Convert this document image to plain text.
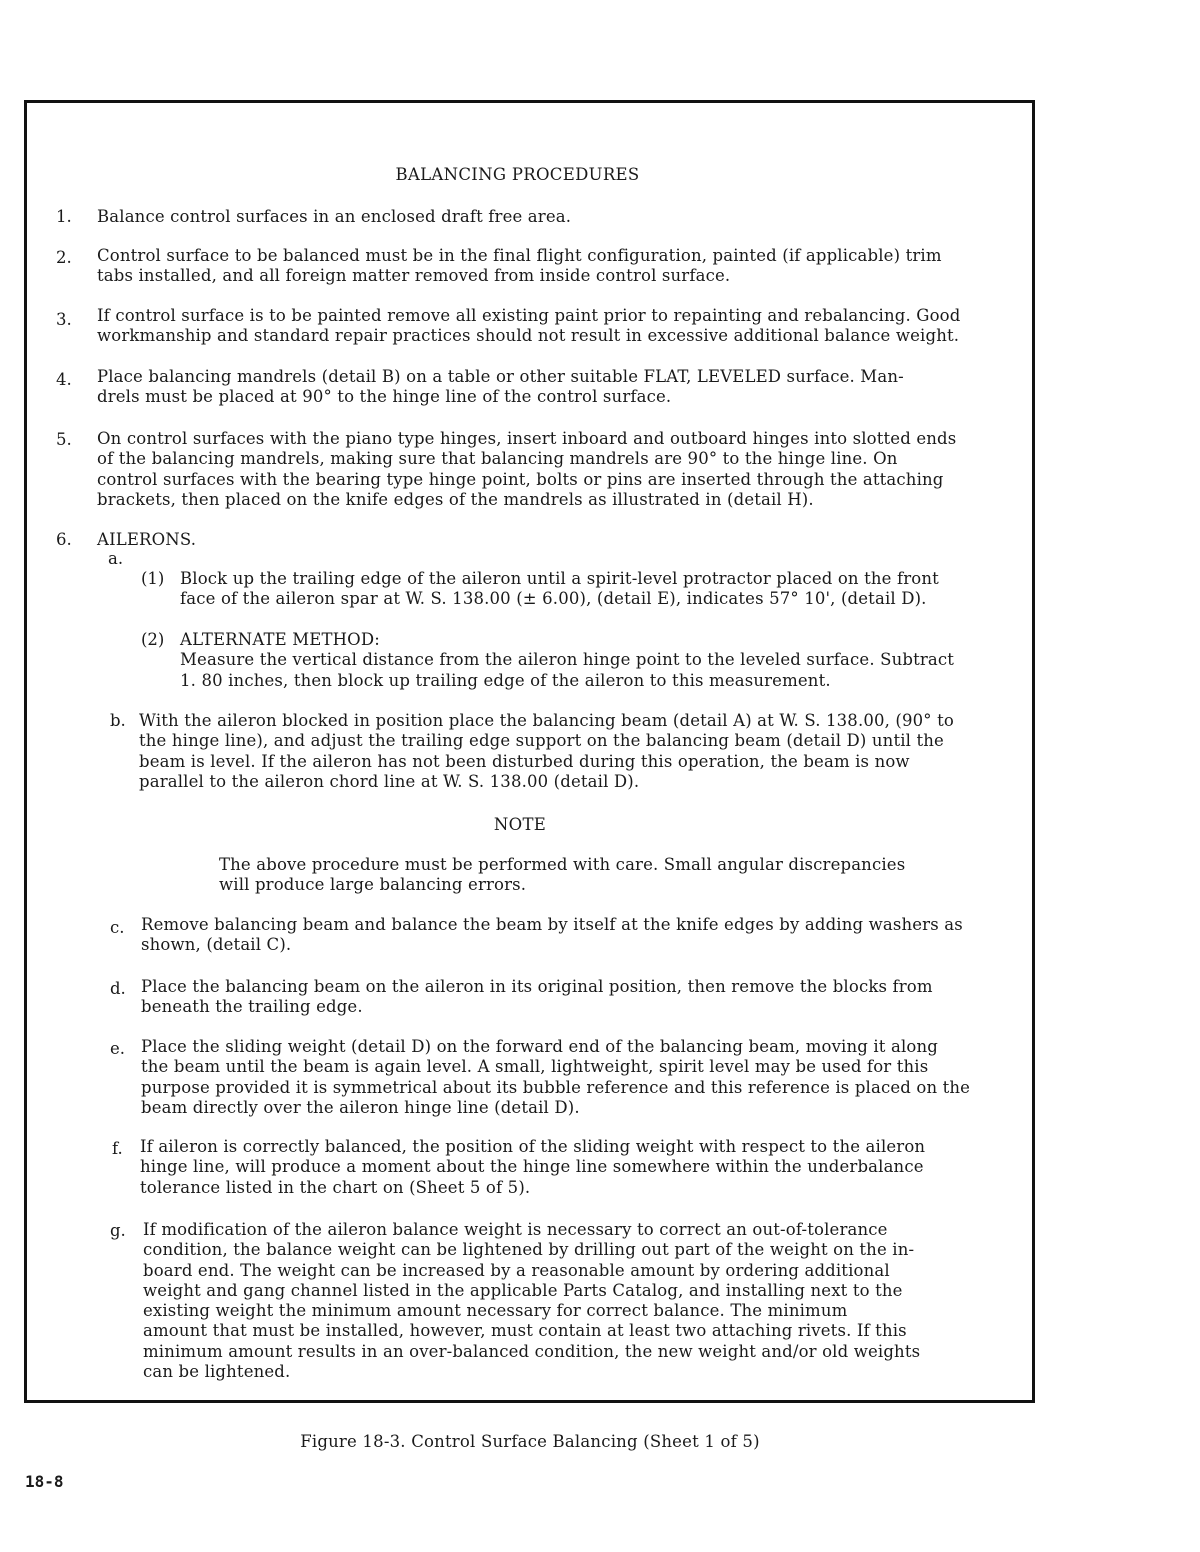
BALANCING PROCEDURES
1. Balance control surfaces in an enclosed draft free area.
2. Control surface to be balanced must be in the final flight configuration, painted (if applicable) trim
tabs installed, and all foreign matter removed from inside control surface.
3. If control surface is to be painted remove all existing paint prior to repainting and rebalancing. Good
workmanship and standard repair practices should not result in excessive additional balance weight.
4. Place balancing mandrels (detail B) on a table or other suitable FLAT, LEVELED surface. Man-
drels must be placed at 90° to the hinge line of the control surface.
5. On control surfaces with the piano type hinges, insert inboard and outboard hinges into slotted ends
of the balancing mandrels, making sure that balancing mandrels are 90° to the hinge line. On
control surfaces with the bearing type hinge point, bolts or pins are inserted through the attaching
brackets, then placed on the knife edges of the mandrels as illustrated in (detail H).
6. AILERONS.
a.
(1) Block up the trailing edge of the aileron until a spirit-level protractor placed on the front
face of the aileron spar at W. S. 138.00 (± 6.00), (detail E), indicates 57° 10', (detail D).
(2) ALTERNATE METHOD:
Measure the vertical distance from the aileron hinge point to the leveled surface. Subtract
1. 80 inches, then block up trailing edge of the aileron to this measurement.
b. With the aileron blocked in position place the balancing beam (detail A) at W. S. 138.00, (90° to
the hinge line), and adjust the trailing edge support on the balancing beam (detail D) until the
beam is level. If the aileron has not been disturbed during this operation, the beam is now
parallel to the aileron chord line at W. S. 138.00 (detail D).
NOTE
The above procedure must be performed with care. Small angular discrepancies
will produce large balancing errors.
c. Remove balancing beam and balance the beam by itself at the knife edges by adding washers as
shown, (detail C).
d. Place the balancing beam on the aileron in its original position, then remove the blocks from
beneath the trailing edge.
e. Place the sliding weight (detail D) on the forward end of the balancing beam, moving it along
the beam until the beam is again level. A small, lightweight, spirit level may be used for this
purpose provided it is symmetrical about its bubble reference and this reference is placed on the
beam directly over the aileron hinge line (detail D).
f. If aileron is correctly balanced, the position of the sliding weight with respect to the aileron
hinge line, will produce a moment about the hinge line somewhere within the underbalance
tolerance listed in the chart on (Sheet 5 of 5).
g. If modification of the aileron balance weight is necessary to correct an out-of-tolerance
condition, the balance weight can be lightened by drilling out part of the weight on the in-
board end. The weight can be increased by a reasonable amount by ordering additional
weight and gang channel listed in the applicable Parts Catalog, and installing next to the
existing weight the minimum amount necessary for correct balance. The minimum
amount that must be installed, however, must contain at least two attaching rivets. If this
minimum amount results in an over-balanced condition, the new weight and/or old weights
can be lightened.
Figure 18-3. Control Surface Balancing (Sheet 1 of 5)
18-8
